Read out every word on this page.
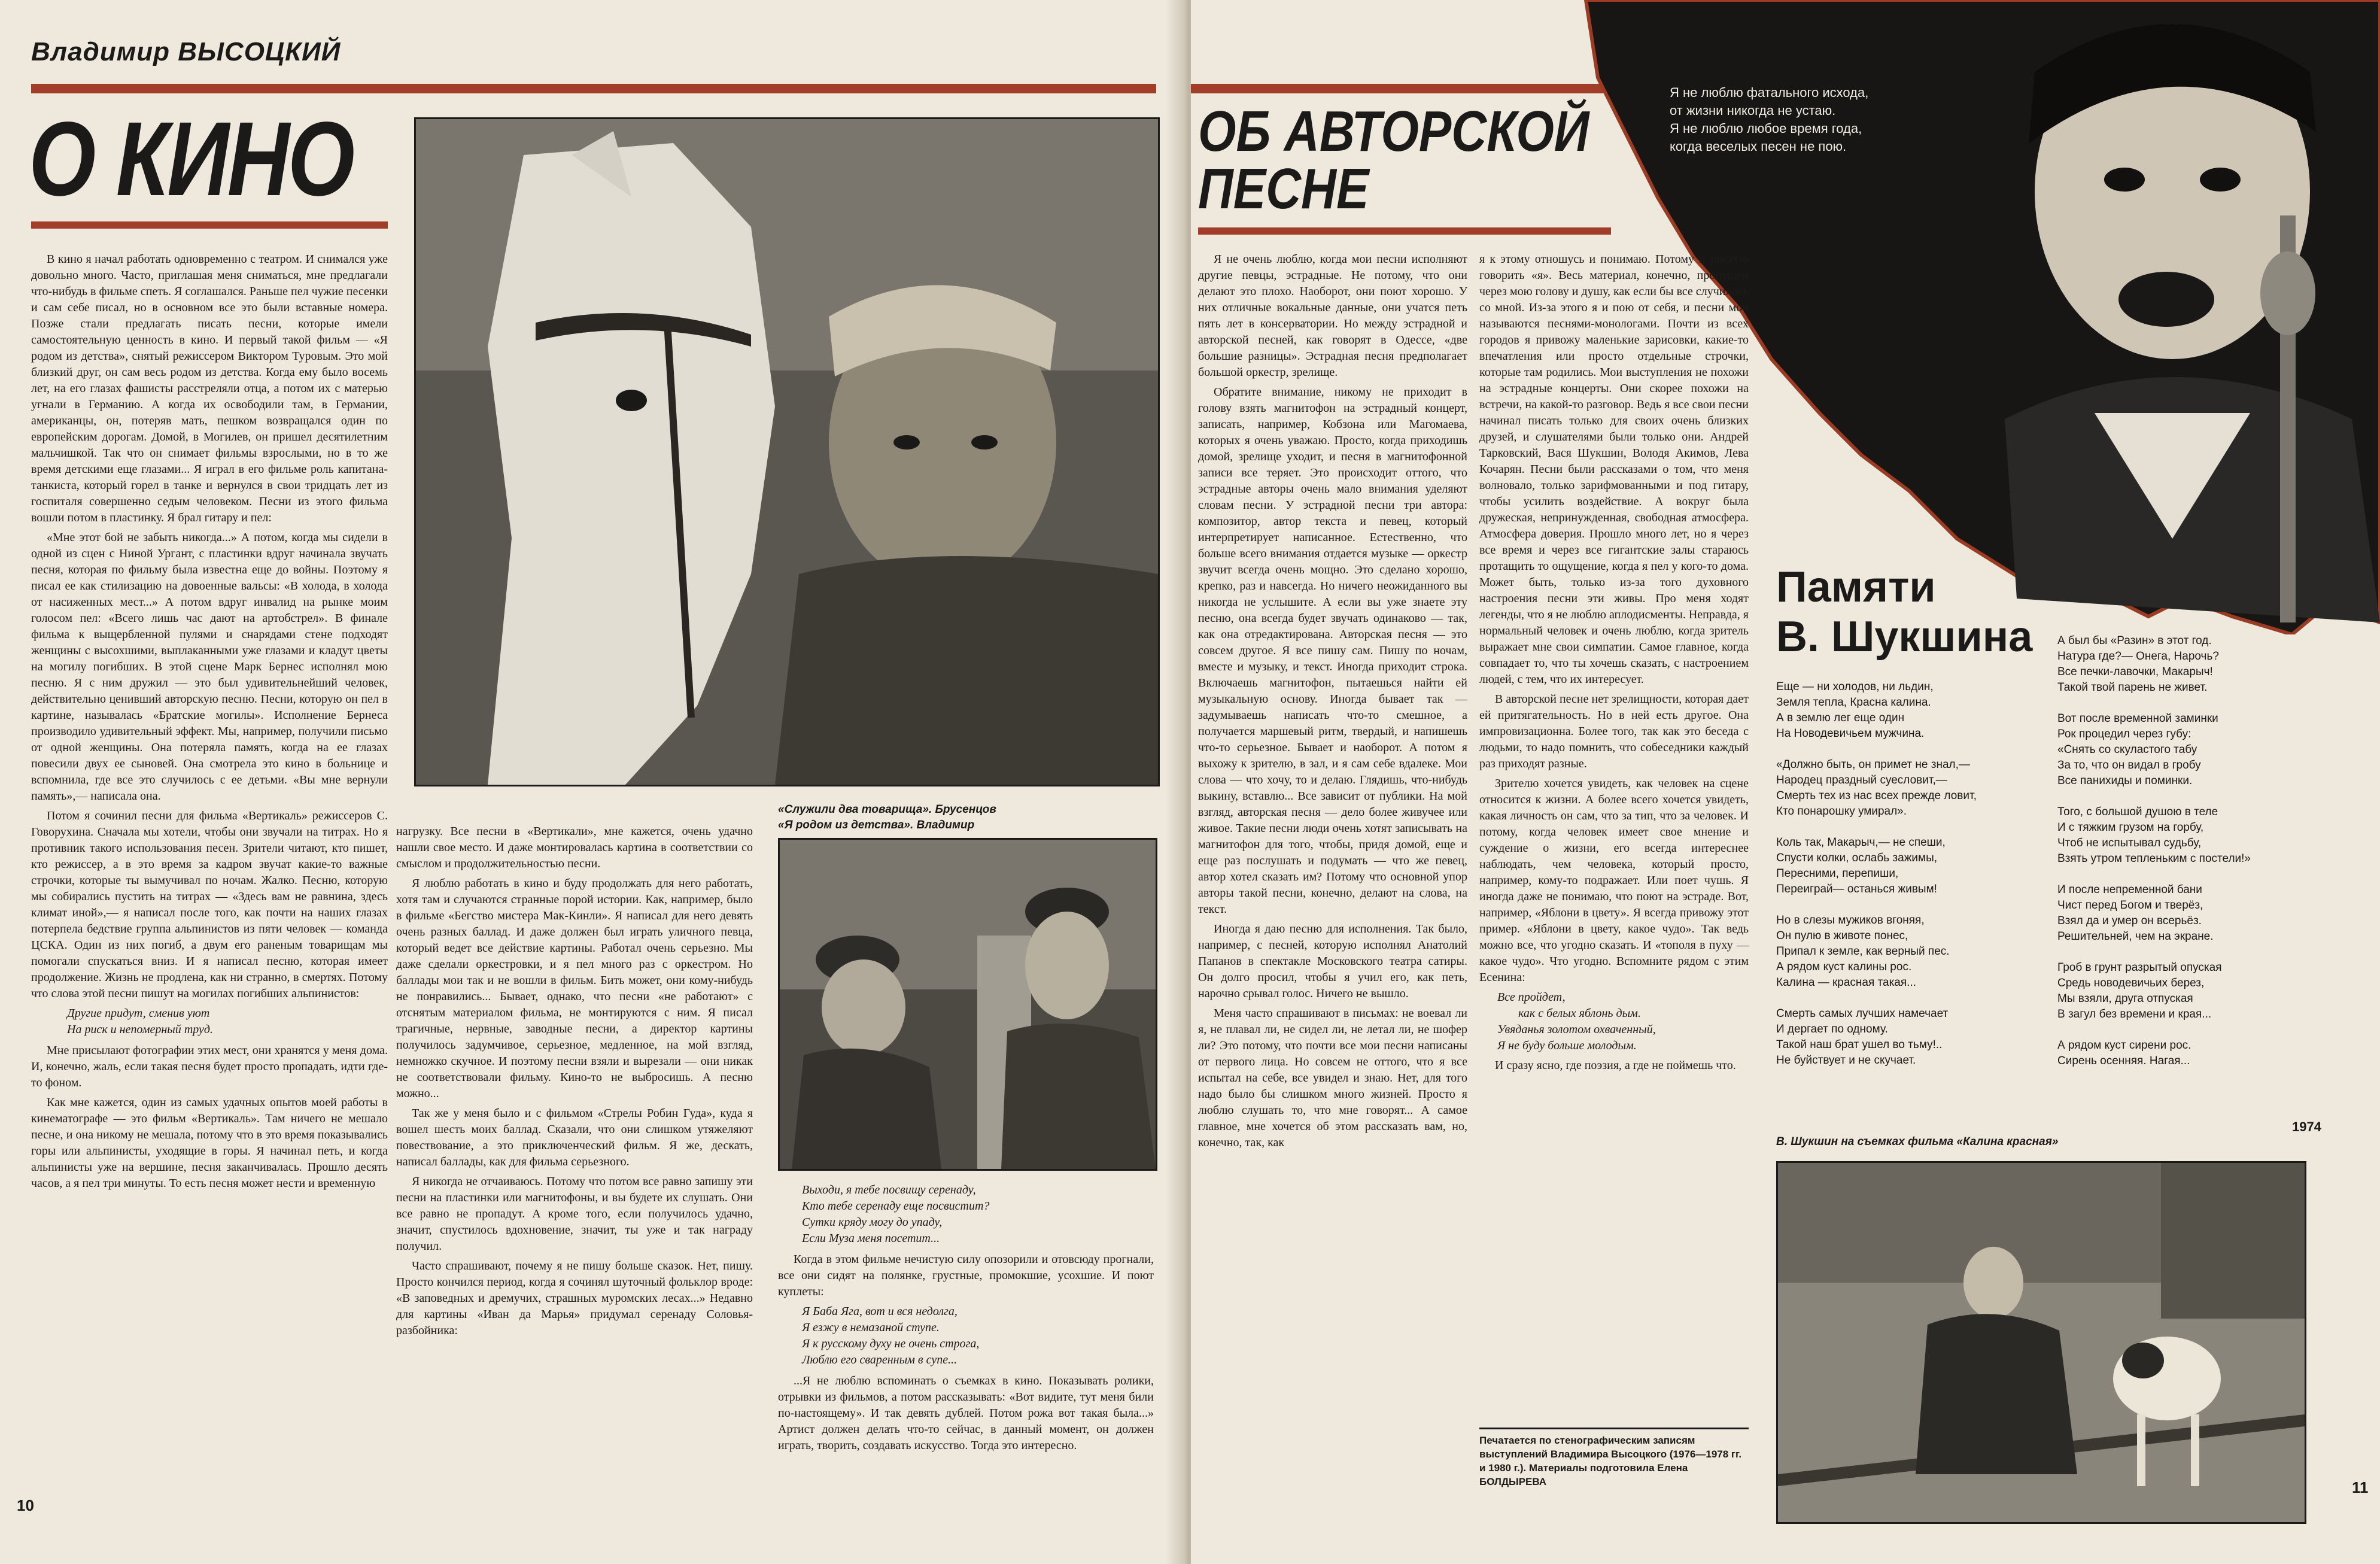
Владимир ВЫСОЦКИЙ
О КИНО

В кино я начал работать одновременно с театром. И снимался уже довольно много. Часто, приглашая меня сниматься, мне предлагали что-нибудь в фильме спеть. Я соглашался. Раньше пел чужие песенки и сам себе писал, но в основном все это были вставные номера. Позже стали предлагать писать песни, которые имели самостоятельную ценность в кино. И первый такой фильм — «Я родом из детства», снятый режиссером Виктором Туровым. Это мой близкий друг, он сам весь родом из детства. Когда ему было восемь лет, на его глазах фашисты расстреляли отца, а потом их с матерью угнали в Германию. А когда их освободили там, в Германии, американцы, он, потеряв мать, пешком возвращался один по европейским дорогам. Домой, в Могилев, он пришел десятилетним мальчишкой. Так что он снимает фильмы взрослыми, но в то же время детскими еще глазами... Я играл в его фильме роль капитана-танкиста, который горел в танке и вернулся в свои тридцать лет из госпиталя совершенно седым человеком. Песни из этого фильма вошли потом в пластинку. Я брал гитару и пел:

«Мне этот бой не забыть никогда...» А потом, когда мы сидели в одной из сцен с Ниной Ургант, с пластинки вдруг начинала звучать песня, которая по фильму была известна еще до войны. Поэтому я писал ее как стилизацию на довоенные вальсы: «В холода, в холода от насиженных мест...» А потом вдруг инвалид на рынке моим голосом пел: «Всего лишь час дают на артобстрел». В финале фильма к выщербленной пулями и снарядами стене подходят женщины с высохшими, выплаканными уже глазами и кладут цветы на могилу погибших. В этой сцене Марк Бернес исполнял мою песню. Я с ним дружил — это был удивительнейший человек, действительно ценивший авторскую песню. Песни, которую он пел в картине, называлась «Братские могилы». Исполнение Бернеса производило удивительный эффект. Мы, например, получили письмо от одной женщины. Она потеряла память, когда на ее глазах повесили двух ее сыновей. Она смотрела это кино в больнице и вспомнила, где все это случилось с ее детьми. «Вы мне вернули память»,— написала она.

Потом я сочинил песни для фильма «Вертикаль» режиссеров С. Говорухина. Сначала мы хотели, чтобы они звучали на титрах. Но я противник такого использования песен. Зрители читают, кто пишет, кто режиссер, а в это время за кадром звучат какие-то важные строчки, которые ты вымучивал по ночам. Жалко. Песню, которую мы собирались пустить на титрах — «Здесь вам не равнина, здесь климат иной»,— я написал после того, как почти на наших глазах потерпела бедствие группа альпинистов из пяти человек — команда ЦСКА. Один из них погиб, а двум его раненым товарищам мы помогали спускаться вниз. И я написал песню, которая имеет продолжение. Жизнь не продлена, как ни странно, в смертях. Потому что слова этой песни пишут на могилах погибших альпинистов:

Другие придут, сменив уют
На риск и непомерный труд.

Мне присылают фотографии этих мест, они хранятся у меня дома. И, конечно, жаль, если такая песня будет просто пропадать, идти где-то фоном.

Как мне кажется, один из самых удачных опытов моей работы в кинематографе — это фильм «Вертикаль». Там ничего не мешало песне, и она никому не мешала, потому что в это время показывались горы или альпинисты, уходящие в горы. Я начинал петь, и когда альпинисты уже на вершине, песня заканчивалась. Прошло десять часов, а я пел три минуты. То есть песня может нести и временную

нагрузку. Все песни в «Вертикали», мне кажется, очень удачно нашли свое место. И даже монтировалась картина в соответствии со смыслом и продолжительностью песни.

Я люблю работать в кино и буду продолжать для него работать, хотя там и случаются странные порой истории. Как, например, было в фильме «Бегство мистера Мак-Кинли». Я написал для него девять очень разных баллад. И даже должен был играть уличного певца, который ведет все действие картины. Работал очень серьезно. Мы даже сделали оркестровки, и я пел много раз с оркестром. Но баллады мои так и не вошли в фильм. Бить может, они кому-нибудь не понравились... Бывает, однако, что песни «не работают» с отснятым материалом фильма, не монтируются с ним. Я писал трагичные, нервные, заводные песни, а директор картины получилось задумчивое, серьезное, медленное, на мой взгляд, немножко скучное. И поэтому песни взяли и вырезали — они никак не соответствовали фильму. Кино-то не выбросишь. А песню можно...

Так же у меня было и с фильмом «Стрелы Робин Гуда», куда я вошел шесть моих баллад. Сказали, что они слишком утяжеляют повествование, а это приключенческий фильм. Я же, дескать, написал баллады, как для фильма серьезного.

Я никогда не отчаиваюсь. Потому что потом все равно запишу эти песни на пластинки или магнитофоны, и вы будете их слушать. Они все равно не пропадут. А кроме того, если получилось удачно, значит, спустилось вдохновение, значит, ты уже и так награду получил.

Часто спрашивают, почему я не пишу больше сказок. Нет, пишу. Просто кончился период, когда я сочинял шуточный фольклор вроде: «В заповедных и дремучих, страшных муромских лесах...» Недавно для картины «Иван да Марья» придумал серенаду Соловья-разбойника:

«Служили два товарища». Брусенцов
«Я родом из детства». Владимир
Выходи, я тебе посвищу серенаду,
Кто тебе серенаду еще посвистит?
Сутки кряду могу до упаду,
Если Муза меня посетит...

Когда в этом фильме нечистую силу опозорили и отовсюду прогнали, все они сидят на полянке, грустные, промокшие, усохшие. И поют куплеты:

Я Баба Яга, вот и вся недолга,
Я езжу в немазаной ступе.
Я к русскому духу не очень строга,
Люблю его сваренным в супе...

...Я не люблю вспоминать о съемках в кино. Показывать ролики, отрывки из фильмов, а потом рассказывать: «Вот видите, тут меня били по-настоящему». И так девять дублей. Потом рожа вот такая была...» Артист должен делать что-то сейчас, в данный момент, он должен играть, творить, создавать искусство. Тогда это интересно.

10
ОБ АВТОРСКОЙ ПЕСНЕ
Я не люблю фатального исхода,
от жизни никогда не устаю.
Я не люблю любое время года,
когда веселых песен не пою.

Я не очень люблю, когда мои песни исполняют другие певцы, эстрадные. Не потому, что они делают это плохо. Наоборот, они поют хорошо. У них отличные вокальные данные, они учатся петь пять лет в консерватории. Но между эстрадной и авторской песней, как говорят в Одессе, «две большие разницы». Эстрадная песня предполагает большой оркестр, зрелище.

Обратите внимание, никому не приходит в голову взять магнитофон на эстрадный концерт, записать, например, Кобзона или Магомаева, которых я очень уважаю. Просто, когда приходишь домой, зрелище уходит, и песня в магнитофонной записи все теряет. Это происходит оттого, что эстрадные авторы очень мало внимания уделяют словам песни. У эстрадной песни три автора: композитор, автор текста и певец, который интерпретирует написанное. Естественно, что больше всего внимания отдается музыке — оркестр звучит всегда очень мощно. Это сделано хорошо, крепко, раз и навсегда. Но ничего неожиданного вы никогда не услышите. А если вы уже знаете эту песню, она всегда будет звучать одинаково — так, как она отредактирована. Авторская песня — это совсем другое. Я все пишу сам. Пишу по ночам, вместе и музыку, и текст. Иногда приходит строка. Включаешь магнитофон, пытаешься найти ей музыкальную основу. Иногда бывает так — задумываешь написать что-то смешное, а получается маршевый ритм, твердый, и напишешь что-то серьезное. Бывает и наоборот. А потом я выхожу к зрителю, в зал, и я сам себе вдалеке. Мои слова — что хочу, то и делаю. Глядишь, что-нибудь выкину, вставлю... Все зависит от публики. На мой взгляд, авторская песня — дело более живучее или живое. Такие песни люди очень хотят записывать на магнитофон для того, чтобы, придя домой, еще и еще раз послушать и подумать — что же певец, автор хотел сказать им? Потому что основной упор авторы такой песни, конечно, делают на слова, на текст.

Иногда я даю песню для исполнения. Так было, например, с песней, которую исполнял Анатолий Папанов в спектакле Московского театра сатиры. Он долго просил, чтобы я учил его, как петь, нарочно срывал голос. Ничего не вышло.

Меня часто спрашивают в письмах: не воевал ли я, не плавал ли, не сидел ли, не летал ли, не шофер ли? Это потому, что почти все мои песни написаны от первого лица. Но совсем не оттого, что я все испытал на себе, все увидел и знаю. Нет, для того надо было бы слишком много жизней. Просто я люблю слушать то, что мне говорят... А самое главное, мне хочется об этом рассказать вам, но, конечно, так, как

я к этому отношусь и понимаю. Потому и рискую говорить «я». Весь материал, конечно, пропущен через мою голову и душу, как если бы все случилось со мной. Из-за этого я и пою от себя, и песни мои называются песнями-монологами. Почти из всех городов я привожу маленькие зарисовки, какие-то впечатления или просто отдельные строчки, которые там родились. Мои выступления не похожи на эстрадные концерты. Они скорее похожи на встречи, на какой-то разговор. Ведь я все свои песни начинал писать только для своих очень близких друзей, и слушателями были только они. Андрей Тарковский, Вася Шукшин, Володя Акимов, Лева Кочарян. Песни были рассказами о том, что меня волновало, только зарифмованными и под гитару, чтобы усилить воздействие. А вокруг была дружеская, непринужденная, свободная атмосфера. Атмосфера доверия. Прошло много лет, но я через все время и через все гигантские залы стараюсь протащить то ощущение, когда я пел у кого-то дома. Может быть, только из-за того духовного настроения песни эти живы. Про меня ходят легенды, что я не люблю аплодисменты. Неправда, я нормальный человек и очень люблю, когда зритель выражает мне свои симпатии. Самое главное, когда совпадает то, что ты хочешь сказать, с настроением людей, с тем, что их интересует.

В авторской песне нет зрелищности, которая дает ей притягательность. Но в ней есть другое. Она импровизационна. Более того, так как это беседа с людьми, то надо помнить, что собеседники каждый раз приходят разные.

Зрителю хочется увидеть, как человек на сцене относится к жизни. А более всего хочется увидеть, какая личность он сам, что за тип, что за человек. И потому, когда человек имеет свое мнение и суждение о жизни, его всегда интереснее наблюдать, чем человека, который просто, например, кому-то подражает. Или поет чушь. Я иногда даже не понимаю, что поют на эстраде. Вот, например, «Яблони в цвету». Я всегда привожу этот пример. «Яблони в цвету, какое чудо». Так ведь можно все, что угодно сказать. И «тополя в пуху — какое чудо». Что угодно. Вспомните рядом с этим Есенина:

Все пройдет,
как с белых яблонь дым.
Увяданья золотом охваченный,
Я не буду больше молодым.

И сразу ясно, где поэзия, а где не поймешь что.

Печатается по стенографическим записям выступлений Владимира Высоцкого (1976—1978 гг. и 1980 г.). Материалы подготовила Елена БОЛДЫРЕВА
Памяти
В. Шукшина
Еще — ни холодов, ни льдин,
Земля тепла, Красна калина.
А в землю лег еще один
На Новодевичьем мужчина.

«Должно быть, он примет не знал,—
Народец праздный суесловит,—
Смерть тех из нас всех прежде ловит,
Кто понарошку умирал».

Коль так, Макарыч,— не спеши,
Спусти колки, ослабь зажимы,
Пересними, перепиши,
Переиграй— останься живым!

Но в слезы мужиков вгоняя,
Он пулю в животе понес,
Припал к земле, как верный пес.
А рядом куст калины рос.
Калина — красная такая...

Смерть самых лучших намечает
И дергает по одному.
Такой наш брат ушел во тьму!..
Не буйствует и не скучает.
А был бы «Разин» в этот год.
Натура где?— Онега, Нарочь?
Все печки-лавочки, Макарыч!
Такой твой парень не живет.

Вот после временной заминки
Рок процедил через губу:
«Снять со скуластого табу
За то, что он видал в гробу
Все панихиды и поминки.

Того, с большой душою в теле
И с тяжким грузом на горбу,
Чтоб не испытывал судьбу,
Взять утром тепленьким с постели!»

И после непременной бани
Чист перед Богом и тверёз,
Взял да и умер он всерьёз.
Решительней, чем на экране.

Гроб в грунт разрытый опуская
Средь новодевичьих берез,
Мы взяли, друга отпуская
В загул без времени и края...

А рядом куст сирени рос.
Сирень осенняя. Нагая...
1974
В. Шукшин на съемках фильма «Калина красная»
11
